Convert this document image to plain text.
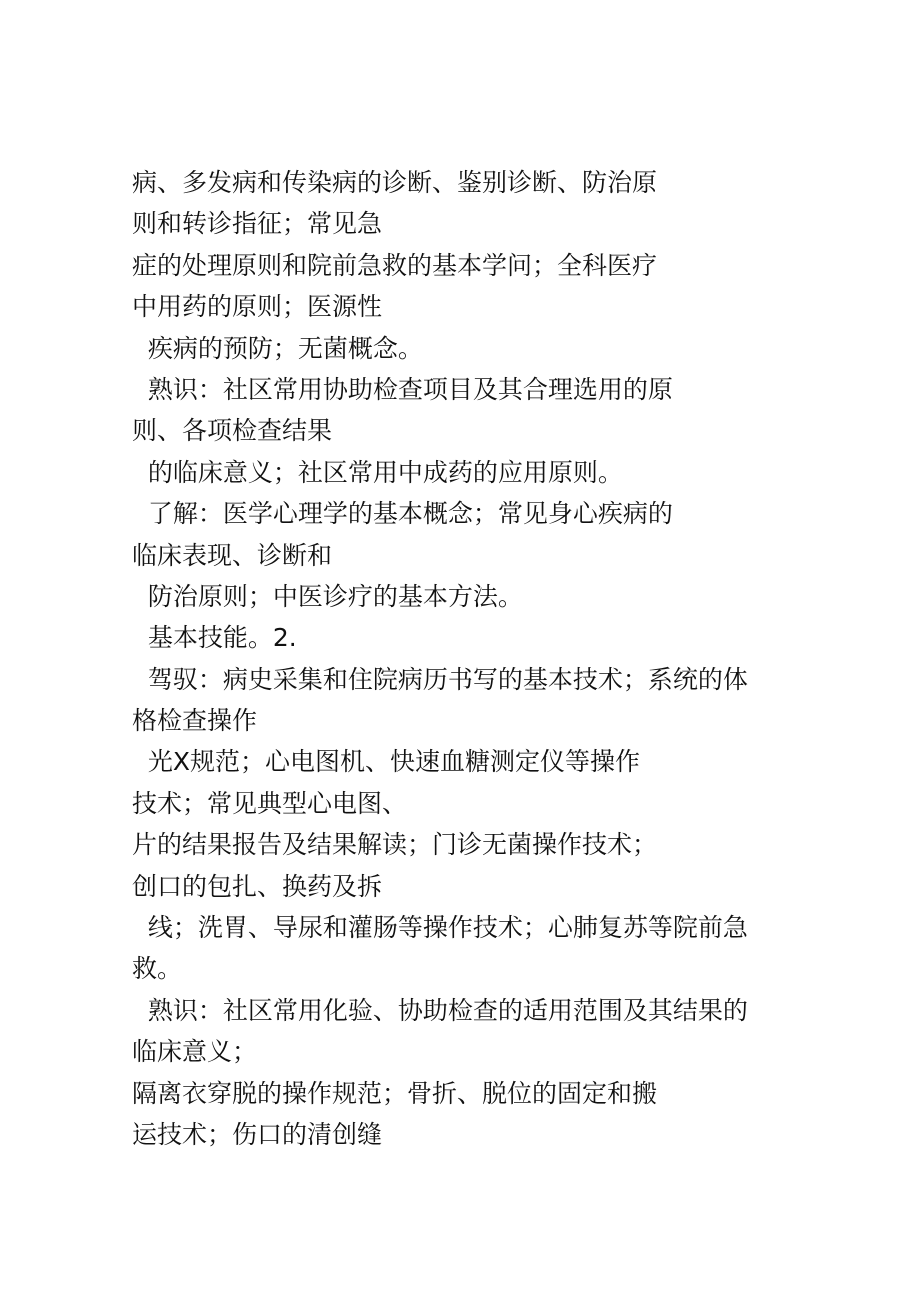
病、多发病和传染病的诊断、鉴别诊断、防治原
则和转诊指征；常见急
症的处理原则和院前急救的基本学问；全科医疗
中用药的原则；医源性
疾病的预防；无菌概念。
熟识：社区常用协助检查项目及其合理选用的原
则、各项检查结果
的临床意义；社区常用中成药的应用原则。
了解：医学心理学的基本概念；常见身心疾病的
临床表现、诊断和
防治原则；中医诊疗的基本方法。
基本技能。2.
驾驭：病史采集和住院病历书写的基本技术；系统的体
格检查操作
光X规范；心电图机、快速血糖测定仪等操作
技术；常见典型心电图、
片的结果报告及结果解读；门诊无菌操作技术；
创口的包扎、换药及拆
线；洗胃、导尿和灌肠等操作技术；心肺复苏等院前急
救。
熟识：社区常用化验、协助检查的适用范围及其结果的
临床意义；
隔离衣穿脱的操作规范；骨折、脱位的固定和搬
运技术；伤口的清创缝
